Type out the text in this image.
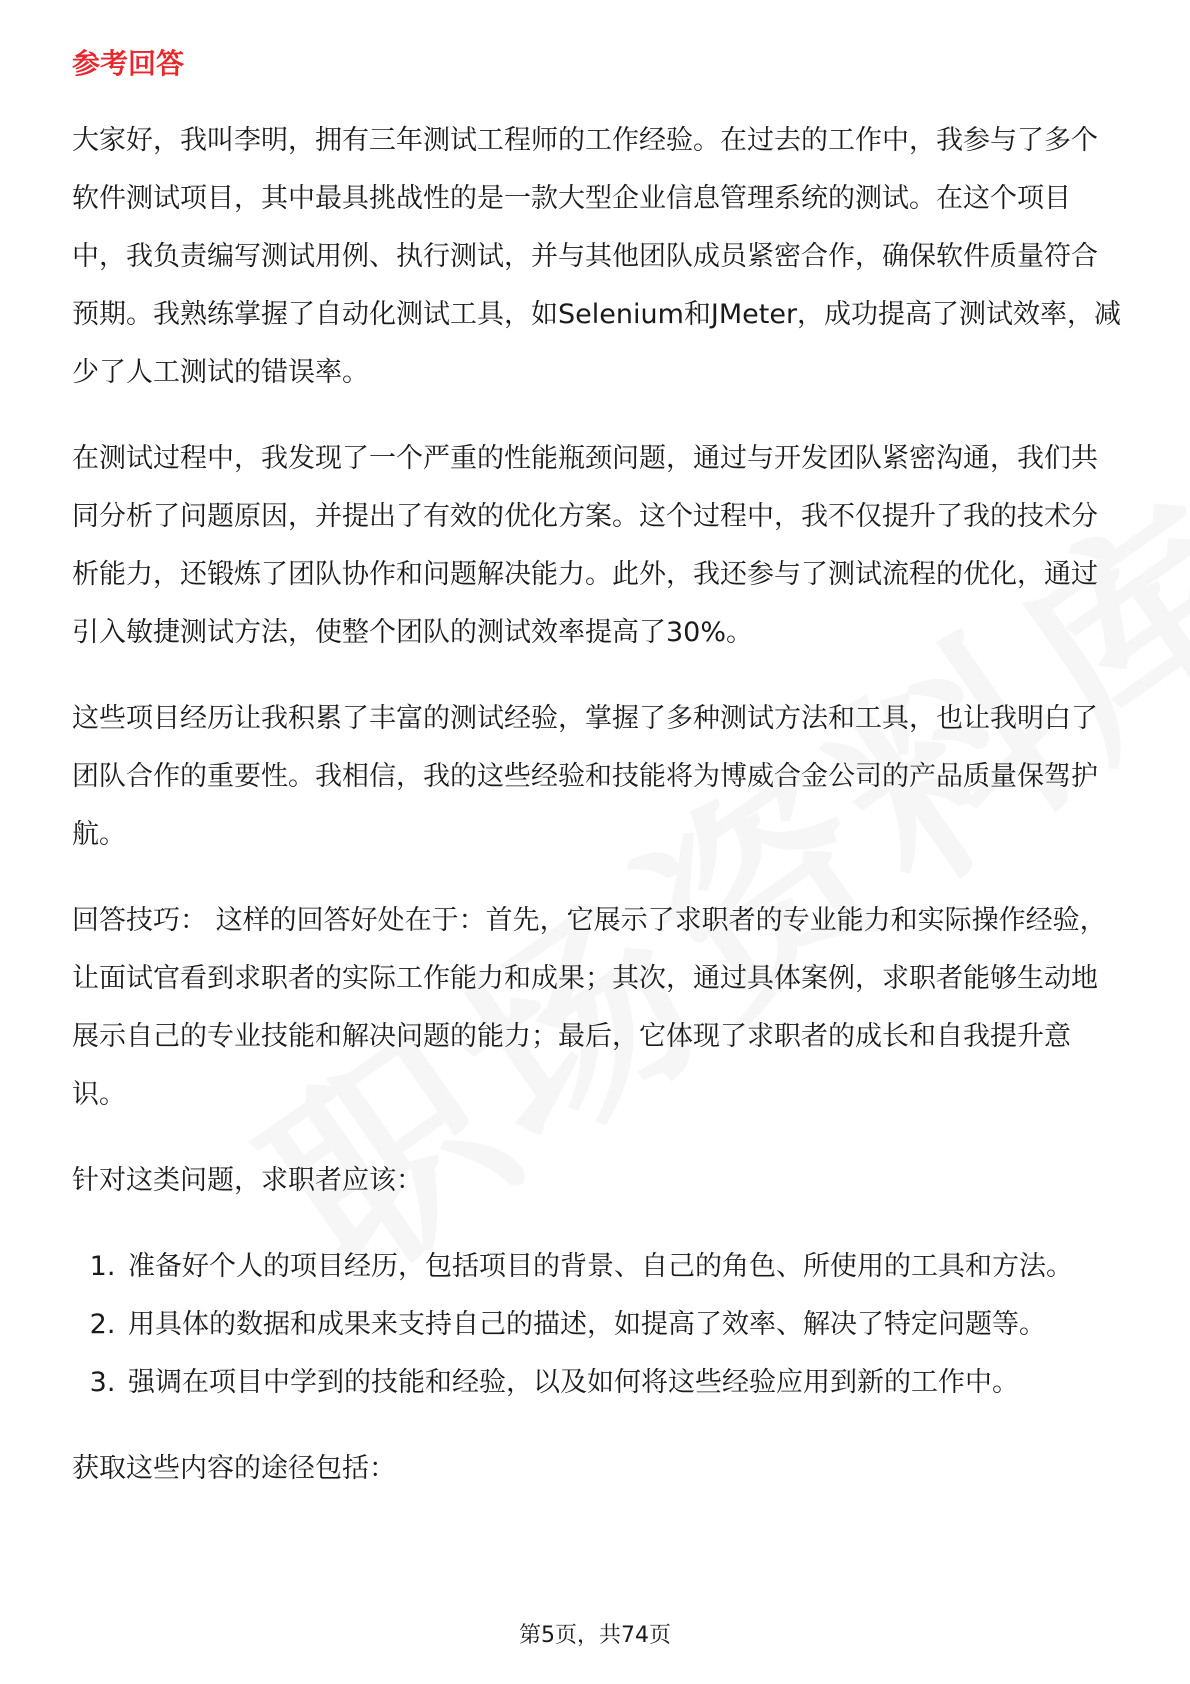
参考回答

大家好，我叫李明，拥有三年测试工程师的工作经验。在过去的工作中，我参与了多个软件测试项目，其中最具挑战性的是一款大型企业信息管理系统的测试。在这个项目中，我负责编写测试用例、执行测试，并与其他团队成员紧密合作，确保软件质量符合预期。我熟练掌握了自动化测试工具，如Selenium和JMeter，成功提高了测试效率，减少了人工测试的错误率。

在测试过程中，我发现了一个严重的性能瓶颈问题，通过与开发团队紧密沟通，我们共同分析了问题原因，并提出了有效的优化方案。这个过程中，我不仅提升了我的技术分析能力，还锻炼了团队协作和问题解决能力。此外，我还参与了测试流程的优化，通过引入敏捷测试方法，使整个团队的测试效率提高了30%。

这些项目经历让我积累了丰富的测试经验，掌握了多种测试方法和工具，也让我明白了团队合作的重要性。我相信，我的这些经验和技能将为博威合金公司的产品质量保驾护航。

回答技巧： 这样的回答好处在于：首先，它展示了求职者的专业能力和实际操作经验，让面试官看到求职者的实际工作能力和成果；其次，通过具体案例，求职者能够生动地展示自己的专业技能和解决问题的能力；最后，它体现了求职者的成长和自我提升意识。

针对这类问题，求职者应该：

1. 准备好个人的项目经历，包括项目的背景、自己的角色、所使用的工具和方法。
2. 用具体的数据和成果来支持自己的描述，如提高了效率、解决了特定问题等。
3. 强调在项目中学到的技能和经验，以及如何将这些经验应用到新的工作中。

获取这些内容的途径包括：

第5页，共74页
